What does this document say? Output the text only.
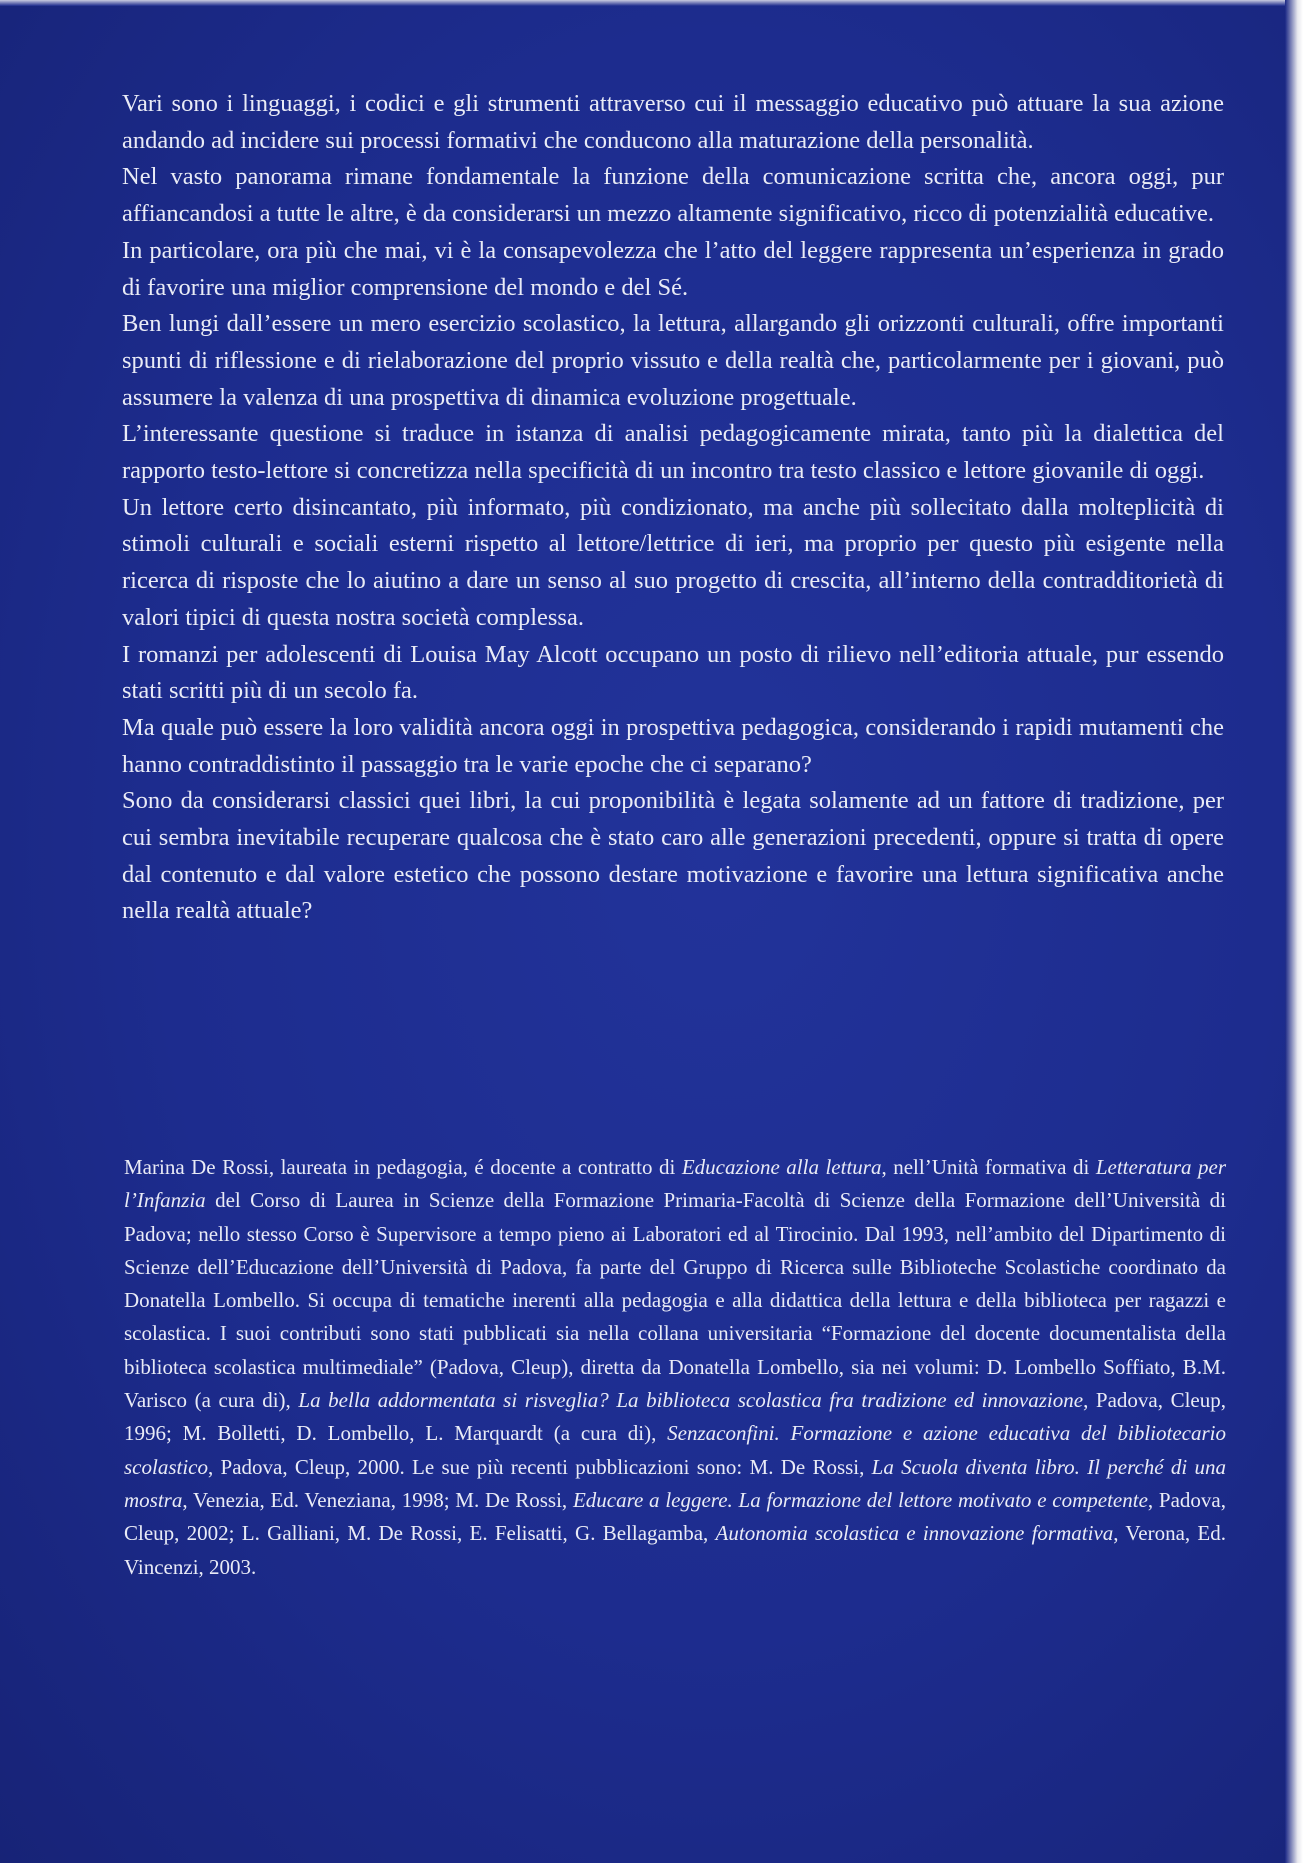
Vari sono i linguaggi, i codici e gli strumenti attraverso cui il messaggio educativo può attuare la sua azione andando ad incidere sui processi formativi che conducono alla maturazione della personalità.

Nel vasto panorama rimane fondamentale la funzione della comunicazione scritta che, ancora oggi, pur affiancandosi a tutte le altre, è da considerarsi un mezzo altamente significativo, ricco di potenzialità educative.

In particolare, ora più che mai, vi è la consapevolezza che l’atto del leggere rappresenta un’esperienza in grado di favorire una miglior comprensione del mondo e del Sé.

Ben lungi dall’essere un mero esercizio scolastico, la lettura, allargando gli orizzonti culturali, offre importanti spunti di riflessione e di rielaborazione del proprio vissuto e della realtà che, particolarmente per i giovani, può assumere la valenza di una prospettiva di dinamica evoluzione progettuale.

L’interessante questione si traduce in istanza di analisi pedagogicamente mirata, tanto più la dialettica del rapporto testo-lettore si concretizza nella specificità di un incontro tra testo classico e lettore giovanile di oggi.

Un lettore certo disincantato, più informato, più condizionato, ma anche più sollecitato dalla molteplicità di stimoli culturali e sociali esterni rispetto al lettore/lettrice di ieri, ma proprio per questo più esigente nella ricerca di risposte che lo aiutino a dare un senso al suo progetto di crescita, all’interno della contradditorietà di valori tipici di questa nostra società complessa.

I romanzi per adolescenti di Louisa May Alcott occupano un posto di rilievo nell’editoria attuale, pur essendo stati scritti più di un secolo fa.

Ma quale può essere la loro validità ancora oggi in prospettiva pedagogica, considerando i rapidi mutamenti che hanno contraddistinto il passaggio tra le varie epoche che ci separano?

Sono da considerarsi classici quei libri, la cui proponibilità è legata solamente ad un fattore di tradizione, per cui sembra inevitabile recuperare qualcosa che è stato caro alle generazioni precedenti, oppure si tratta di opere dal contenuto e dal valore estetico che possono destare motivazione e favorire una lettura significativa anche nella realtà attuale?

Marina De Rossi, laureata in pedagogia, é docente a contratto di Educazione alla lettura, nell’Unità formativa di Letteratura per l’Infanzia del Corso di Laurea in Scienze della Formazione Primaria-Facoltà di Scienze della Formazione dell’Università di Padova; nello stesso Corso è Supervisore a tempo pieno ai Laboratori ed al Tirocinio. Dal 1993, nell’ambito del Dipartimento di Scienze dell’Educazione dell’Università di Padova, fa parte del Gruppo di Ricerca sulle Biblioteche Scolastiche coordinato da Donatella Lombello. Si occupa di tematiche inerenti alla pedagogia e alla didattica della lettura e della biblioteca per ragazzi e scolastica. I suoi contributi sono stati pubblicati sia nella collana universitaria “Formazione del docente documentalista della biblioteca scolastica multimediale” (Padova, Cleup), diretta da Donatella Lombello, sia nei volumi: D. Lombello Soffiato, B.M. Varisco (a cura di), La bella addormentata si risveglia? La biblioteca scolastica fra tradizione ed innovazione, Padova, Cleup, 1996; M. Bolletti, D. Lombello, L. Marquardt (a cura di), Senzaconfini. Formazione e azione educativa del bibliotecario scolastico, Padova, Cleup, 2000. Le sue più recenti pubblicazioni sono: M. De Rossi, La Scuola diventa libro. Il perché di una mostra, Venezia, Ed. Veneziana, 1998; M. De Rossi, Educare a leggere. La formazione del lettore motivato e competente, Padova, Cleup, 2002; L. Galliani, M. De Rossi, E. Felisatti, G. Bellagamba, Autonomia scolastica e innovazione formativa, Verona, Ed. Vincenzi, 2003.
